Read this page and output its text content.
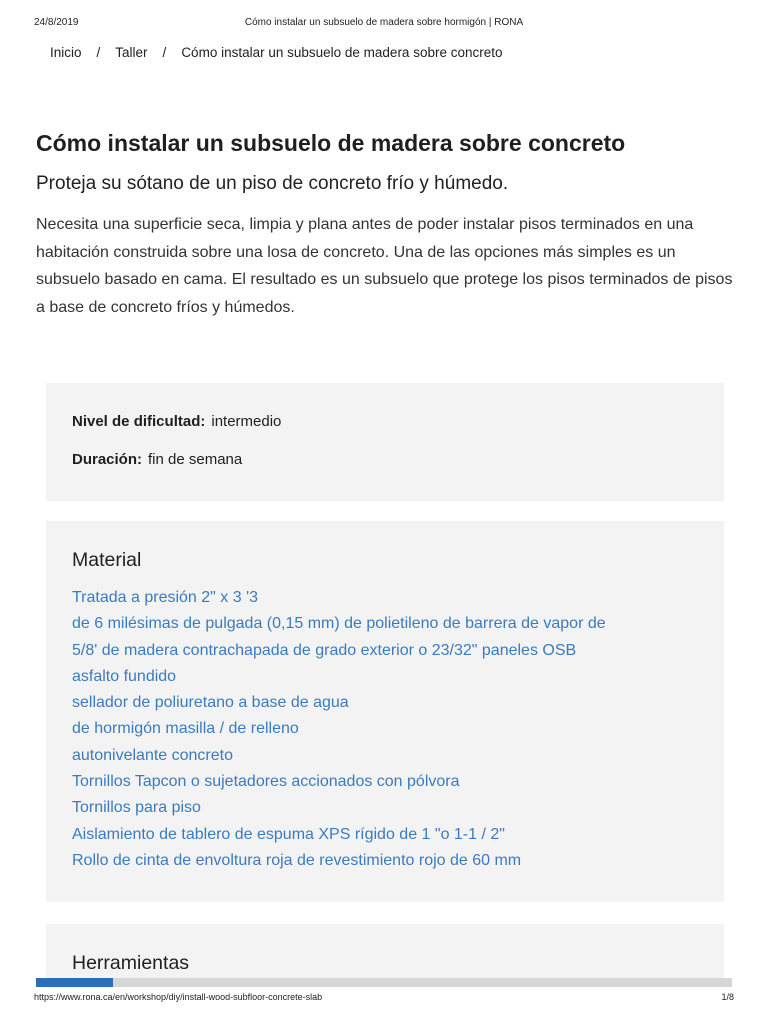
24/8/2019	Cómo instalar un subsuelo de madera sobre hormigón | RONA
Inicio / Taller / Cómo instalar un subsuelo de madera sobre concreto
Cómo instalar un subsuelo de madera sobre concreto
Proteja su sótano de un piso de concreto frío y húmedo.

Necesita una superficie seca, limpia y plana antes de poder instalar pisos terminados en una habitación construida sobre una losa de concreto. Una de las opciones más simples es un subsuelo basado en cama. El resultado es un subsuelo que protege los pisos terminados de pisos a base de concreto fríos y húmedos.

Nivel de dificultad: intermedio
Duración: fin de semana
Material
Tratada a presión 2" x 3 '3
de 6 milésimas de pulgada (0,15 mm) de polietileno de barrera de vapor de
5/8' de madera contrachapada de grado exterior o 23/32" paneles OSB
asfalto fundido
sellador de poliuretano a base de agua
de hormigón masilla / de relleno
autonivelante concreto
Tornillos Tapcon o sujetadores accionados con pólvora
Tornillos para piso
Aislamiento de tablero de espuma XPS rígido de 1 "o 1-1 / 2"
Rollo de cinta de envoltura roja de revestimiento rojo de 60 mm
Herramientas
https://www.rona.ca/en/workshop/diy/install-wood-subfloor-concrete-slab	1/8
